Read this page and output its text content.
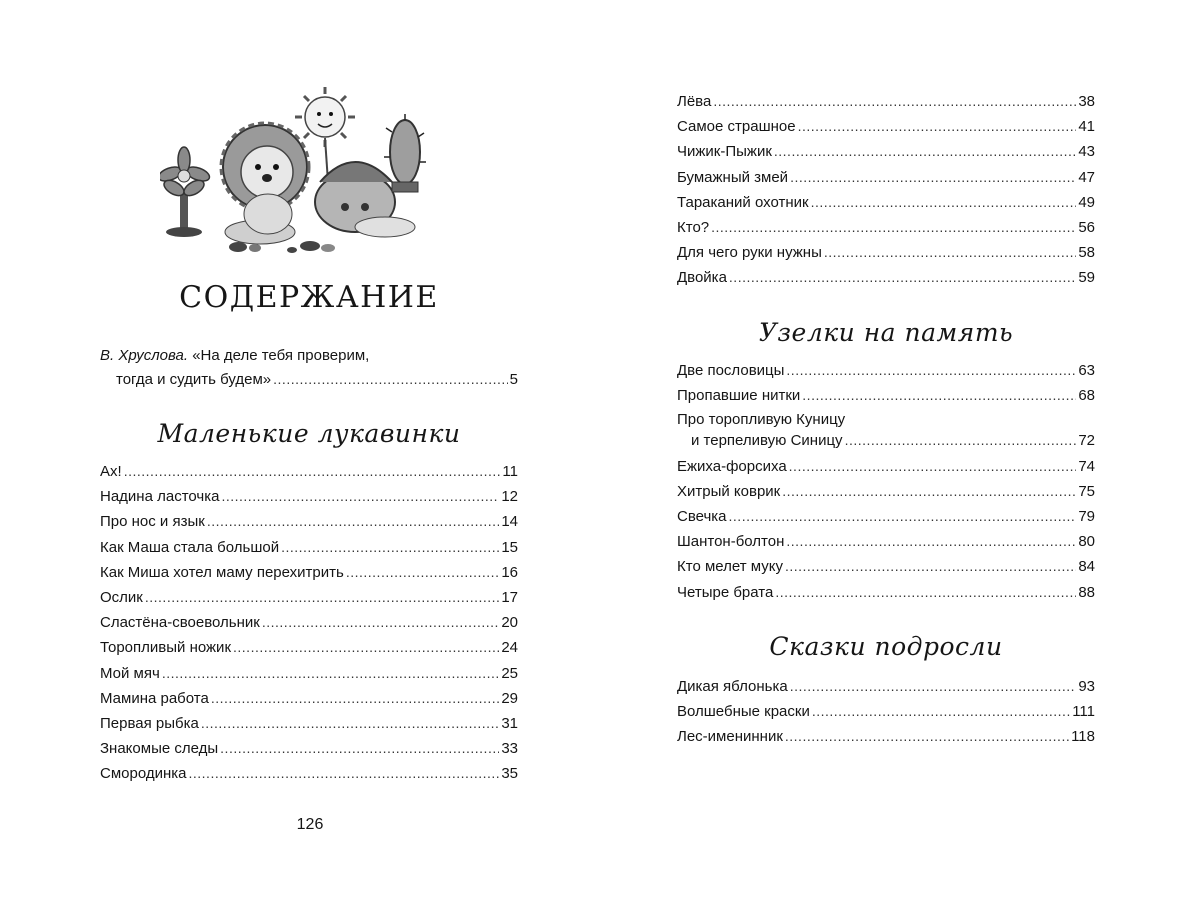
СОДЕРЖАНИЕ
В. Хруслова. «На деле тебя проверим,
тогда и судить будем» .....	5
Маленькие лукавинки
Ах! .....	11
Надина ласточка .....	12
Про нос и язык .....	14
Как Маша стала большой .....	15
Как Миша хотел маму перехитрить .....	16
Ослик .....	17
Сластёна-своевольник .....	20
Торопливый ножик .....	24
Мой мяч .....	25
Мамина работа .....	29
Первая рыбка .....	31
Знакомые следы .....	33
Смородинка .....	35
126
Лёва .....	38
Самое страшное .....	41
Чижик-Пыжик .....	43
Бумажный змей .....	47
Тараканий охотник .....	49
Кто? .....	56
Для чего руки нужны .....	58
Двойка .....	59
Узелки на память
Две пословицы .....	63
Пропавшие нитки .....	68
Про торопливую Куницу
и терпеливую Синицу .....	72
Ежиха-форсиха .....	74
Хитрый коврик .....	75
Свечка .....	79
Шантон-болтон .....	80
Кто мелет муку .....	84
Четыре брата .....	88
Сказки подросли
Дикая яблонька .....	93
Волшебные краски .....	111
Лес-именинник .....	118
